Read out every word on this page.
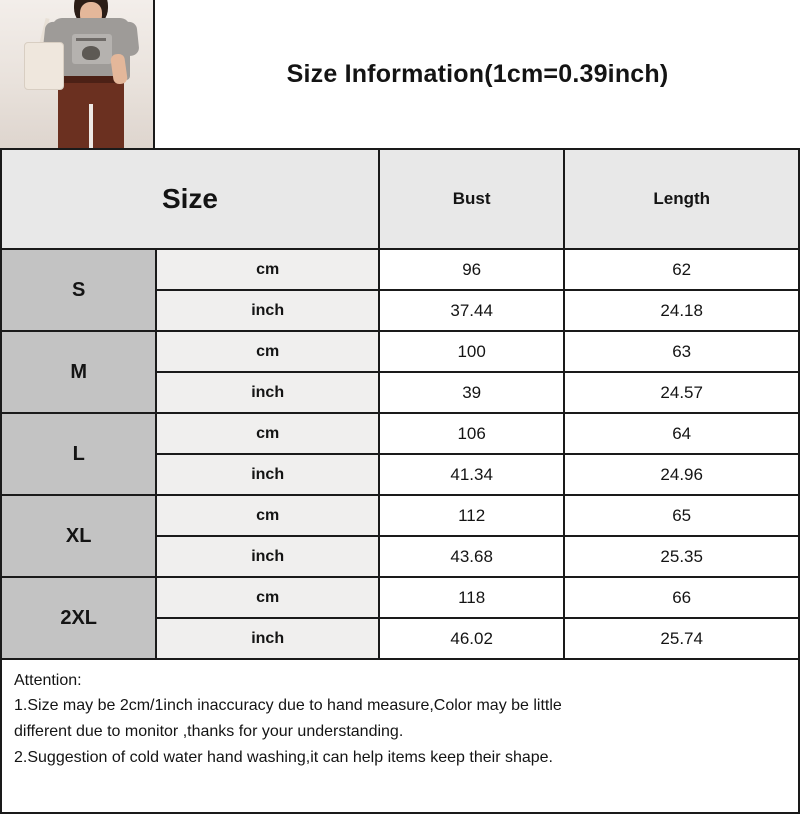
Size Information(1cm=0.39inch)
Size		Bust	Length
S	cm	96	62
	inch	37.44	24.18
M	cm	100	63
	inch	39	24.57
L	cm	106	64
	inch	41.34	24.96
XL	cm	112	65
	inch	43.68	25.35
2XL	cm	118	66
	inch	46.02	25.74
Attention:
1.Size may be 2cm/1inch inaccuracy due to hand measure,Color may be little
different due to monitor ,thanks for your understanding.
2.Suggestion of cold water hand washing,it can help items keep their shape.
